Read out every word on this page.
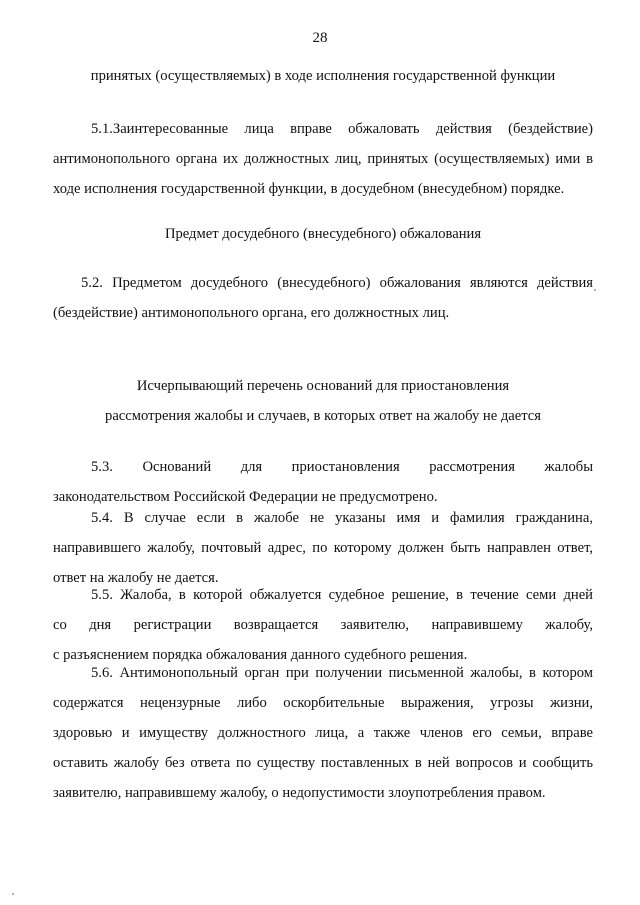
28
принятых (осуществляемых) в ходе исполнения государственной функции
5.1.Заинтересованные лица вправе обжаловать действия (бездействие)
антимонопольного органа их должностных лиц, принятых (осуществляемых) ими в
ходе исполнения государственной функции, в досудебном (внесудебном) порядке.
Предмет досудебного (внесудебного) обжалования
5.2. Предметом досудебного (внесудебного) обжалования являются действия
(бездействие) антимонопольного органа, его должностных лиц.
Исчерпывающий перечень оснований для приостановления
рассмотрения жалобы и случаев, в которых ответ на жалобу не дается
5.3. Оснований для приостановления рассмотрения жалобы
законодательством Российской Федерации не предусмотрено.
5.4. В случае если в жалобе не указаны имя и фамилия гражданина,
направившего жалобу, почтовый адрес, по которому должен быть направлен ответ,
ответ на жалобу не дается.
5.5. Жалоба, в которой обжалуется судебное решение, в течение семи дней
со дня регистрации возвращается заявителю, направившему жалобу,
с разъяснением порядка обжалования данного судебного решения.
5.6. Антимонопольный орган при получении письменной жалобы, в котором
содержатся нецензурные либо оскорбительные выражения, угрозы жизни,
здоровью и имуществу должностного лица, а также членов его семьи, вправе
оставить жалобу без ответа по существу поставленных в ней вопросов и сообщить
заявителю, направившему жалобу, о недопустимости злоупотребления правом.
